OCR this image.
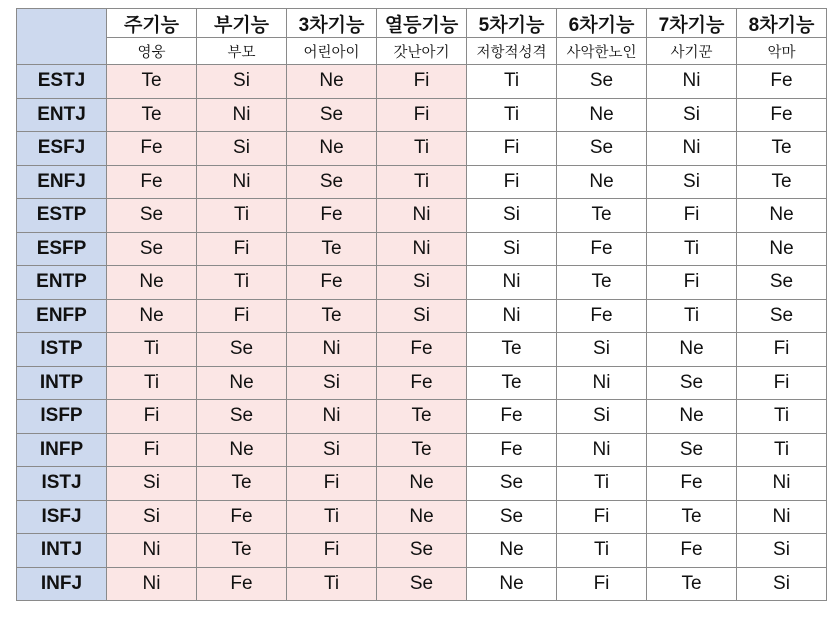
	주기능	부기능	3차기능	열등기능	5차기능	6차기능	7차기능	8차기능
	영웅	부모	어린아이	갓난아기	저항적성격	사악한노인	사기꾼	악마
ESTJ	Te	Si	Ne	Fi	Ti	Se	Ni	Fe
ENTJ	Te	Ni	Se	Fi	Ti	Ne	Si	Fe
ESFJ	Fe	Si	Ne	Ti	Fi	Se	Ni	Te
ENFJ	Fe	Ni	Se	Ti	Fi	Ne	Si	Te
ESTP	Se	Ti	Fe	Ni	Si	Te	Fi	Ne
ESFP	Se	Fi	Te	Ni	Si	Fe	Ti	Ne
ENTP	Ne	Ti	Fe	Si	Ni	Te	Fi	Se
ENFP	Ne	Fi	Te	Si	Ni	Fe	Ti	Se
ISTP	Ti	Se	Ni	Fe	Te	Si	Ne	Fi
INTP	Ti	Ne	Si	Fe	Te	Ni	Se	Fi
ISFP	Fi	Se	Ni	Te	Fe	Si	Ne	Ti
INFP	Fi	Ne	Si	Te	Fe	Ni	Se	Ti
ISTJ	Si	Te	Fi	Ne	Se	Ti	Fe	Ni
ISFJ	Si	Fe	Ti	Ne	Se	Fi	Te	Ni
INTJ	Ni	Te	Fi	Se	Ne	Ti	Fe	Si
INFJ	Ni	Fe	Ti	Se	Ne	Fi	Te	Si
